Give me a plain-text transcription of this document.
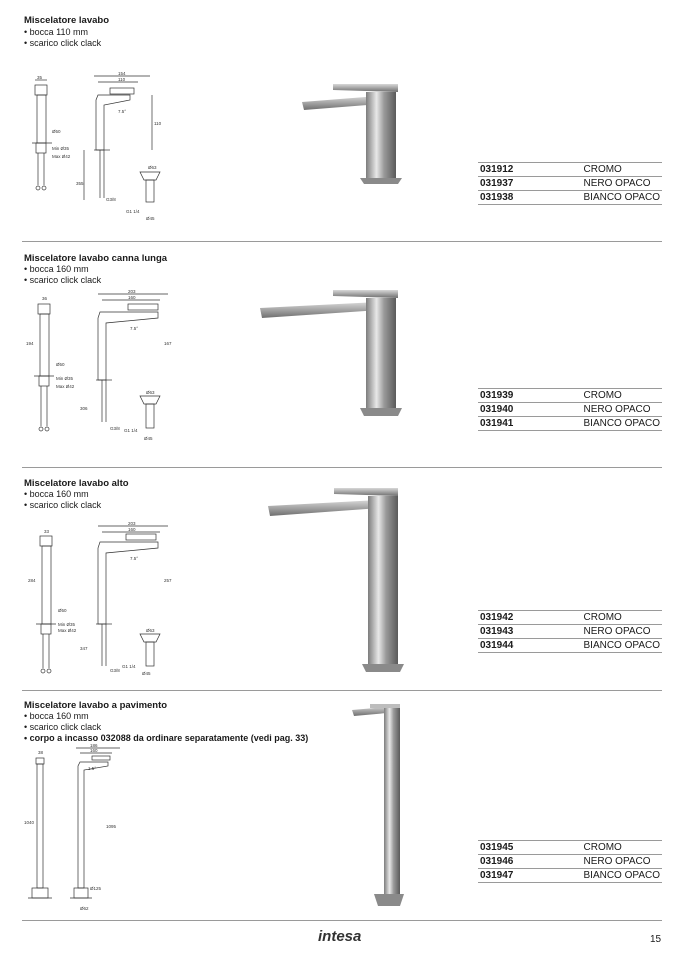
Miscelatore lavabo
• bocca 110 mm
• scarico click clack
35
Ø50
Min Ø35
Max Ø42
154
110
7.5°
110
355
G3/8
Ø63
G1 1/4
Ø45
031912	CROMO
031937	NERO OPACO
031938	BIANCO OPACO
Miscelatore lavabo canna lunga
• bocca 160 mm
• scarico click clack
36
194
Ø50
Min Ø35
Max Ø42
203
160
7.5°
167
306
G3/8
Ø63
G1 1/4
Ø45
031939	CROMO
031940	NERO OPACO
031941	BIANCO OPACO
Miscelatore lavabo alto
• bocca 160 mm
• scarico click clack
33
284
Ø50
Min Ø35
Max Ø42
203
160
7.5°
257
347
G3/8
Ø63
G1 1/4
Ø45
031942	CROMO
031943	NERO OPACO
031944	BIANCO OPACO
Miscelatore lavabo a pavimento
• bocca 160 mm
• scarico click clack
• corpo a incasso 032088 da ordinare separatamente (vedi pag. 33)
38
1040
186
160
1.5°
1095
Ø125
Ø62
031945	CROMO
031946	NERO OPACO
031947	BIANCO OPACO
intesa	15
